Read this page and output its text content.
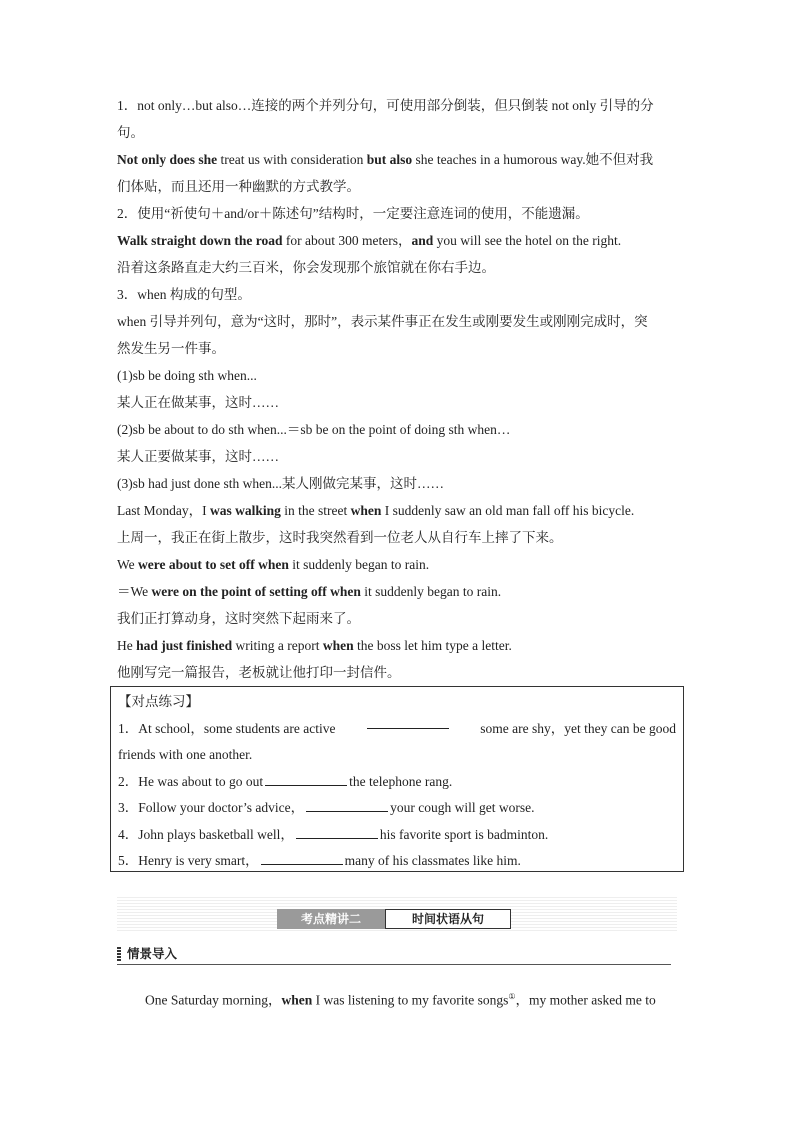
1．not only…but also…连接的两个并列分句，可使用部分倒装，但只倒装 not only 引导的分
句。
Not only does she treat us with consideration but also she teaches in a humorous way.她不但对我
们体贴，而且还用一种幽默的方式教学。
2．使用“祈使句＋and/or＋陈述句”结构时，一定要注意连词的使用，不能遗漏。
Walk straight down the road for about 300 meters，and you will see the hotel on the right.
沿着这条路直走大约三百米，你会发现那个旅馆就在你右手边。
3．when 构成的句型。
when 引导并列句，意为“这时，那时”，表示某件事正在发生或刚要发生或刚刚完成时，突
然发生另一件事。
(1)sb be doing sth when...
某人正在做某事，这时……
(2)sb be about to do sth when...＝sb be on the point of doing sth when…
某人正要做某事，这时……
(3)sb had just done sth when...某人刚做完某事，这时……
Last Monday，I was walking in the street when I suddenly saw an old man fall off his bicycle.
上周一，我正在街上散步，这时我突然看到一位老人从自行车上摔了下来。
We were about to set off when it suddenly began to rain.
＝We were on the point of setting off when it suddenly began to rain.
我们正打算动身，这时突然下起雨来了。
He had just finished writing a report when the boss let him type a letter.
他刚写完一篇报告，老板就让他打印一封信件。
【对点练习】
1．At school，some students are active	some are shy，yet they can be good
friends with one another.
2．He was about to go out	the telephone rang.
3．Follow your doctor’s advice，	your cough will get worse.
4．John plays basketball well，	his favorite sport is badminton.
5．Henry is very smart，	many of his classmates like him.
考点精讲二	时间状语从句
情景导入
One Saturday morning，when I was listening to my favorite songs①，my mother asked me to
